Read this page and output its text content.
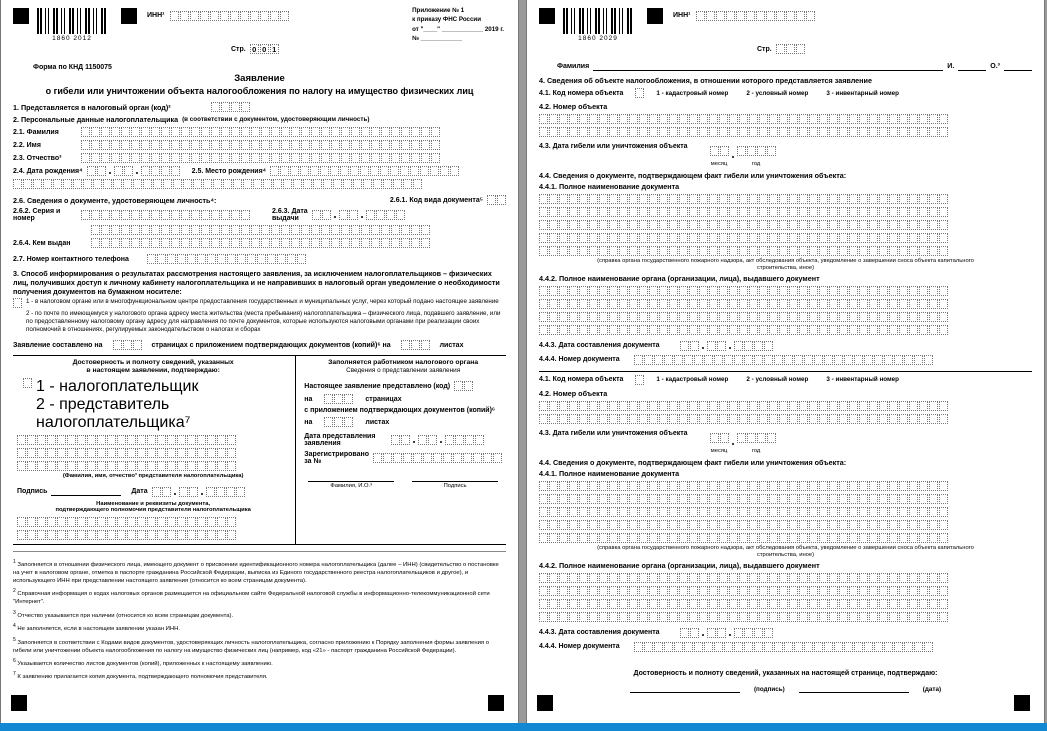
1860 2012
ИНН¹
Стр. 0 0 1
Приложение № 1
к приказу ФНС России
от "____" ____________ 2019 г.
№ ____________
Форма по КНД 1150075
Заявление
о гибели или уничтожении объекта налогообложения по налогу на имущество физических лиц
1. Представляется в налоговый орган (код)²
2. Персональные данные налогоплательщика (в соответствии с документом, удостоверяющим личность)
2.1. Фамилия
2.2. Имя
2.3. Отчество³
2.4. Дата рождения⁴	2.5. Место рождения⁴
2.6. Сведения о документе, удостоверяющем личность⁴:	2.6.1. Код вида документа⁵
2.6.2. Серия и
номер
2.6.3. Дата
выдачи
2.6.4. Кем выдан
2.7. Номер контактного телефона
3. Способ информирования о результатах рассмотрения настоящего заявления, за исключением налогоплательщиков – физических лиц, получивших доступ к личному кабинету налогоплательщика и не направивших в налоговый орган уведомление о необходимости получения документов на бумажном носителе:
1 - в налоговом органе или в многофункциональном центре предоставления государственных и муниципальных услуг, через который подано настоящее заявление
2 - по почте по имеющемуся у налогового органа адресу места жительства (места пребывания) налогоплательщика – физического лица, подавшего заявление, или по предоставленному налоговому органу адресу для направления по почте документов, которые используются налоговыми органами при реализации своих полномочий в отношениях, регулируемых законодательством о налогах и сборах
Заявление составлено на	страницах с приложением подтверждающих документов (копий)⁶ на	листах
Достоверность и полноту сведений, указанных
в настоящем заявлении, подтверждаю:
1 - налогоплательщик
2 - представитель налогоплательщика⁷
(Фамилия, имя, отчество³ представителя налогоплательщика)
Подпись	Дата
Наименование и реквизиты документа,
подтверждающего полномочия представителя налогоплательщика
Заполняется работником налогового органа
Сведения о представлении заявления
Настоящее заявление представлено (код)
на	страницах
с приложением подтверждающих документов (копий)⁶
на	листах
Дата представления
заявления
Зарегистрировано
за №
Фамилия, И.О.³	Подпись
$^1$ Заполняется в отношении физического лица, имеющего документ о присвоении идентификационного номера налогоплательщика (далее – ИНН) (свидетельство о постановке на учет в налоговом органе, отметка в паспорте гражданина Российской Федерации, выписка из Единого государственного реестра налогоплательщиков и другое), и использующего ИНН при представлении настоящего заявления (относится ко всем страницам документа).
$^2$ Справочная информация о кодах налоговых органов размещается на официальном сайте Федеральной налоговой службы в информационно-телекоммуникационной сети "Интернет".
$^3$ Отчество указывается при наличии (относится ко всем страницам документа).
$^4$ Не заполняется, если в настоящем заявлении указан ИНН.
$^5$ Заполняется в соответствии с Кодами видов документов, удостоверяющих личность налогоплательщика, согласно приложению к Порядку заполнения формы заявления о гибели или уничтожении объекта налогообложения по налогу на имущество физических лиц (например, код «21» - паспорт гражданина Российской Федерации).
$^6$ Указывается количество листов документов (копий), приложенных к настоящему заявлению.
$^7$ К заявлению прилагается копия документа, подтверждающего полномочия представителя.
1860 2029
ИНН¹
Стр.
Фамилия	И.	О.³
4. Сведения об объекте налогообложения, в отношении которого представляется заявление
4.1. Код номера объекта	1 - кадастровый номер	2 - условный номер	3 - инвентарный номер
4.2. Номер объекта
4.3. Дата гибели или уничтожения объекта
месяц	год
4.4. Сведения о документе, подтверждающем факт гибели или уничтожения объекта:
4.4.1. Полное наименование документа
(справка органа государственного пожарного надзора, акт обследования объекта, уведомление о завершении сноса объекта капитального
строительства, иное)
4.4.2. Полное наименование органа (организации, лица), выдавшего документ
4.4.3. Дата составления документа
4.4.4. Номер документа
4.1. Код номера объекта	1 - кадастровый номер	2 - условный номер	3 - инвентарный номер
4.2. Номер объекта
4.3. Дата гибели или уничтожения объекта
месяц	год
4.4. Сведения о документе, подтверждающем факт гибели или уничтожения объекта:
4.4.1. Полное наименование документа
(справка органа государственного пожарного надзора, акт обследования объекта, уведомление о завершении сноса объекта капитального
строительства, иное)
4.4.2. Полное наименование органа (организации, лица), выдавшего документ
4.4.3. Дата составления документа
4.4.4. Номер документа
Достоверность и полноту сведений, указанных на настоящей странице, подтверждаю:
(подпись)	(дата)
